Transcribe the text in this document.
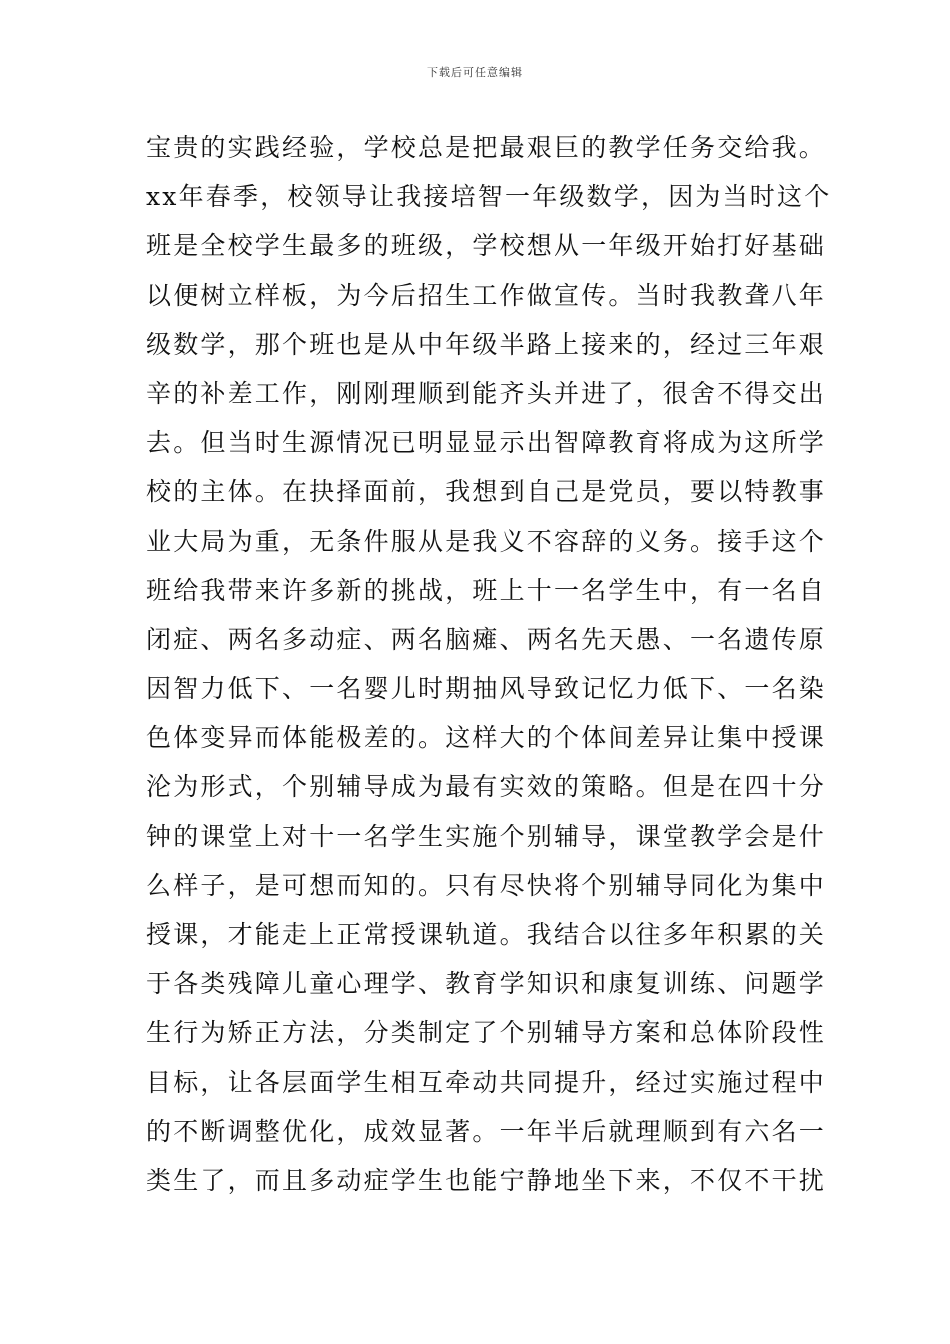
下载后可任意编辑
宝贵的实践经验，学校总是把最艰巨的教学任务交给我。
xx年春季，校领导让我接培智一年级数学，因为当时这个
班是全校学生最多的班级，学校想从一年级开始打好基础
以便树立样板，为今后招生工作做宣传。当时我教聋八年
级数学，那个班也是从中年级半路上接来的，经过三年艰
辛的补差工作，刚刚理顺到能齐头并进了，很舍不得交出
去。但当时生源情况已明显显示出智障教育将成为这所学
校的主体。在抉择面前，我想到自己是党员，要以特教事
业大局为重，无条件服从是我义不容辞的义务。接手这个
班给我带来许多新的挑战，班上十一名学生中，有一名自
闭症、两名多动症、两名脑瘫、两名先天愚、一名遗传原
因智力低下、一名婴儿时期抽风导致记忆力低下、一名染
色体变异而体能极差的。这样大的个体间差异让集中授课
沦为形式，个别辅导成为最有实效的策略。但是在四十分
钟的课堂上对十一名学生实施个别辅导，课堂教学会是什
么样子，是可想而知的。只有尽快将个别辅导同化为集中
授课，才能走上正常授课轨道。我结合以往多年积累的关
于各类残障儿童心理学、教育学知识和康复训练、问题学
生行为矫正方法，分类制定了个别辅导方案和总体阶段性
目标，让各层面学生相互牵动共同提升，经过实施过程中
的不断调整优化，成效显著。一年半后就理顺到有六名一
类生了，而且多动症学生也能宁静地坐下来，不仅不干扰
